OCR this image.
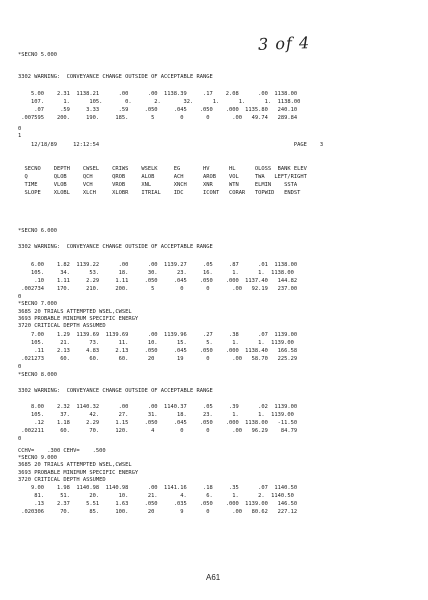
3 of 4
*SECNO 5.000
3302 WARNING:  CONVEYANCE CHANGE OUTSIDE OF ACCEPTABLE RANGE
5.00    2.31  1138.21      .00      .00  1138.39     .17    2.08      .00  1138.00
107.      1.      105.       0.       2.       32.      1.      1.      1.  1138.00
.07     .59     3.33      .59     .050     .045    .050    .000  1135.80   240.10
.007595    200.     190.     185.       5        0       0       .00   49.74   289.84
0
1
12/18/89     12:12:54                                                            PAGE    3
SECNO    DEPTH    CWSEL    CRIWS    WSELK     EG       HV      HL      OLOSS  BANK ELEV
Q        QLOB     QCH      QROB     ALOB      ACH      AROB    VOL     TWA   LEFT/RIGHT
TIME     VLOB     VCH      VROB     XNL       XNCH     XNR     WTN     ELMIN    SSTA
SLOPE    XLOBL    XLCH     XLOBR    ITRIAL    IDC      ICONT   CORAR   TOPWID   ENDST
*SECNO 6.000
3302 WARNING:  CONVEYANCE CHANGE OUTSIDE OF ACCEPTABLE RANGE
6.00    1.82  1139.22      .00      .00  1139.27     .05     .87      .01  1138.00
105.     34.      53.      18.      30.      23.     16.      1.      1.  1138.00
.10    1.11     2.29     1.11     .050     .045    .050    .000  1137.40   144.82
.002734    170.     210.     200.       5        0       0       .00   92.19   237.00
0
*SECNO 7.000
3685 20 TRIALS ATTEMPTED WSEL,CWSEL
3693 PROBABLE MINIMUM SPECIFIC ENERGY
3720 CRITICAL DEPTH ASSUMED
7.00    1.29  1139.69  1139.69      .00  1139.96     .27     .38      .07  1139.00
105.     21.      73.      11.      10.      15.      5.      1.      1.  1139.00
.11    2.13     4.83     2.13     .050     .045    .050    .000  1138.40   166.58
.021273     60.      60.      60.      20       19       0       .00   58.70   225.29
0
*SECNO 8.000
3302 WARNING:  CONVEYANCE CHANGE OUTSIDE OF ACCEPTABLE RANGE
8.00    2.32  1140.32      .00      .00  1140.37     .05     .39      .02  1139.00
105.     37.      42.      27.      31.      18.     23.      1.      1.  1139.00
.12    1.18     2.29     1.15     .050     .045    .050    .000  1138.00   -11.50
.002211     60.      70.     120.       4        0       0       .00   96.29    84.79
0
CCHV=    .300 CEHV=    .500
*SECNO 9.000
3685 20 TRIALS ATTEMPTED WSEL,CWSEL
3693 PROBABLE MINIMUM SPECIFIC ENERGY
3720 CRITICAL DEPTH ASSUMED
9.00    1.98  1140.98  1140.98      .00  1141.16     .18     .35      .07  1140.50
81.     51.      20.      10.      21.       4.      6.      1.      2.  1140.50
.13    2.37     5.51     1.63     .050     .035    .050    .000  1139.00   146.50
.020306     70.      85.     100.      20        9       0       .00   80.62   227.12
A61
